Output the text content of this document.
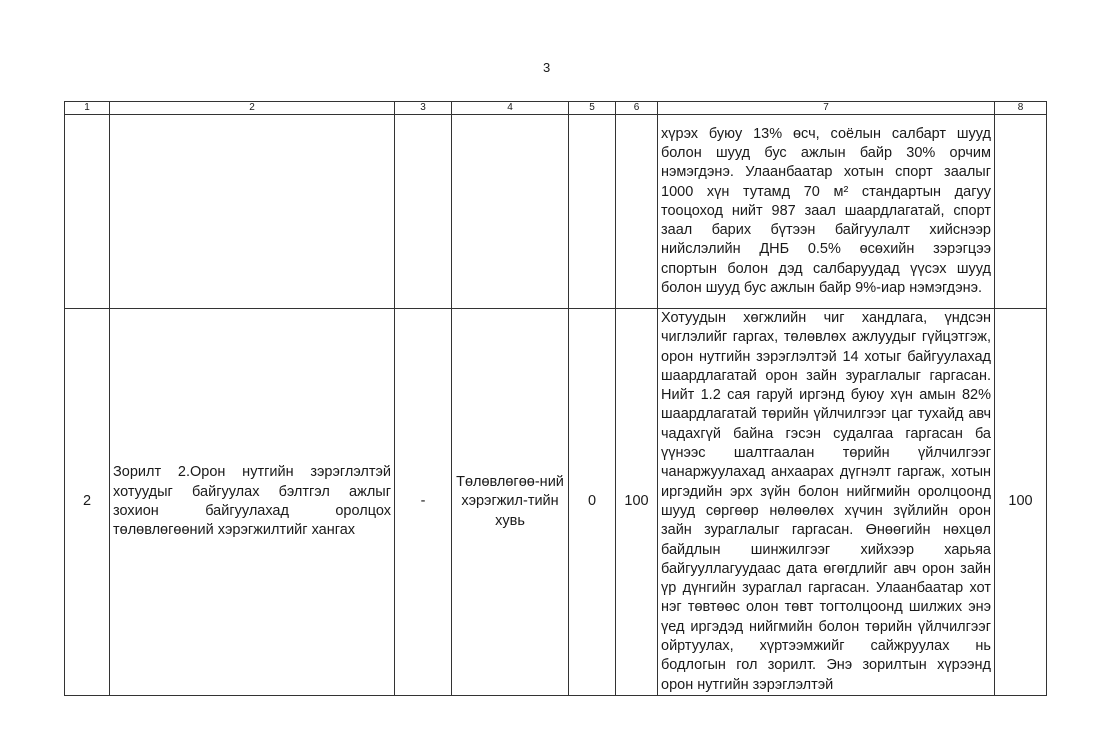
3
1	2	3	4	5	6	7	8
						хүрэх буюу 13% өсч, соёлын салбарт шууд болон шууд бус ажлын байр 30% орчим нэмэгдэнэ. Улаанбаатар хотын спорт заалыг 1000 хүн тутамд 70 м² стандартын дагуу тооцоход нийт 987 заал шаардлагатай, спорт заал барих бүтээн байгуулалт хийснээр нийслэлийн ДНБ 0.5% өсөхийн зэрэгцээ спортын болон дэд салбаруудад үүсэх шууд болон шууд бус ажлын байр 9%-иар нэмэгдэнэ.	
2	Зорилт 2.Орон нутгийн зэрэглэлтэй хотуудыг байгуулах бэлтгэл ажлыг зохион байгуулахад оролцох төлөвлөгөөний хэрэгжилтийг хангах	-	Төлөвлөгөө-ний хэрэгжил-тийн хувь	0	100	Хотуудын хөгжлийн чиг хандлага, үндсэн чиглэлийг гаргах, төлөвлөх ажлуудыг гүйцэтгэж, орон нутгийн зэрэглэлтэй 14 хотыг байгуулахад шаардлагатай орон зайн зураглалыг гаргасан. Нийт 1.2 сая гаруй иргэнд буюу хүн амын 82% шаардлагатай төрийн үйлчилгээг цаг тухайд авч чадахгүй байна гэсэн судалгаа гаргасан ба үүнээс шалтгаалан төрийн үйлчилгээг чанаржуулахад анхаарах дүгнэлт гаргаж, хотын иргэдийн эрх зүйн болон нийгмийн оролцоонд шууд сөргөөр нөлөөлөх хүчин зүйлийн орон зайн зураглалыг гаргасан. Өнөөгийн нөхцөл байдлын шинжилгээг хийхээр харьяа байгууллагуудаас дата өгөгдлийг авч орон зайн үр дүнгийн зураглал гаргасан. Улаанбаатар хот нэг төвтөөс олон төвт тогтолцоонд шилжих энэ үед иргэдэд нийгмийн болон төрийн үйлчилгээг ойртуулах, хүртээмжийг сайжруулах нь бодлогын гол зорилт. Энэ зорилтын хүрээнд орон нутгийн зэрэглэлтэй	100
